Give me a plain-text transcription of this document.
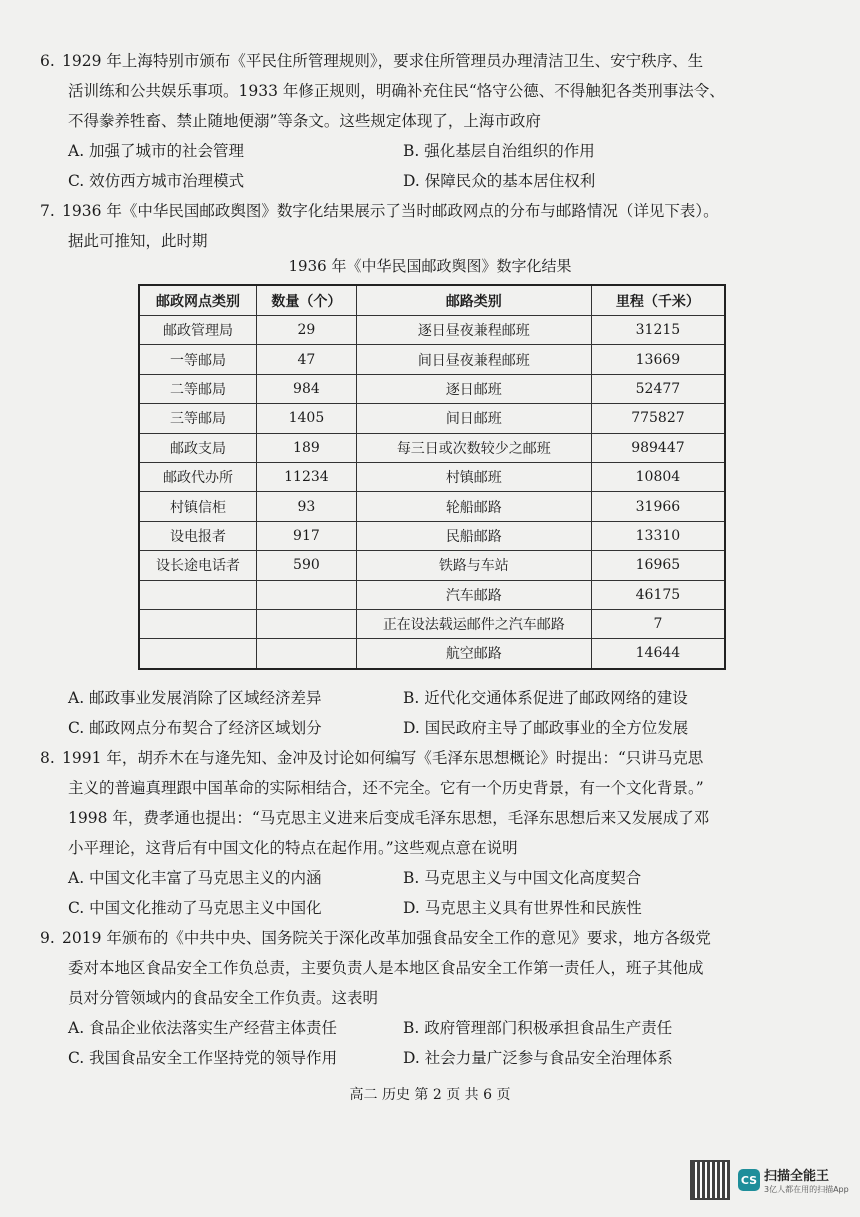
6. 1929 年上海特别市颁布《平民住所管理规则》，要求住所管理员办理清洁卫生、安宁秩序、生
活训练和公共娱乐事项。1933 年修正规则，明确补充住民“恪守公德、不得触犯各类刑事法令、
不得豢养牲畜、禁止随地便溺”等条文。这些规定体现了，上海市政府
A. 加强了城市的社会管理	B. 强化基层自治组织的作用
C. 效仿西方城市治理模式	D. 保障民众的基本居住权利
7. 1936 年《中华民国邮政舆图》数字化结果展示了当时邮政网点的分布与邮路情况（详见下表）。
据此可推知，此时期
1936 年《中华民国邮政舆图》数字化结果
邮政网点类别	数量（个）	邮路类别	里程（千米）
邮政管理局	29	逐日昼夜兼程邮班	31215
一等邮局	47	间日昼夜兼程邮班	13669
二等邮局	984	逐日邮班	52477
三等邮局	1405	间日邮班	775827
邮政支局	189	每三日或次数较少之邮班	989447
邮政代办所	11234	村镇邮班	10804
村镇信柜	93	轮船邮路	31966
设电报者	917	民船邮路	13310
设长途电话者	590	铁路与车站	16965
		汽车邮路	46175
		正在设法载运邮件之汽车邮路	7
		航空邮路	14644
A. 邮政事业发展消除了区域经济差异	B. 近代化交通体系促进了邮政网络的建设
C. 邮政网点分布契合了经济区域划分	D. 国民政府主导了邮政事业的全方位发展
8. 1991 年，胡乔木在与逄先知、金冲及讨论如何编写《毛泽东思想概论》时提出：“只讲马克思
主义的普遍真理跟中国革命的实际相结合，还不完全。它有一个历史背景，有一个文化背景。”
1998 年，费孝通也提出：“马克思主义进来后变成毛泽东思想，毛泽东思想后来又发展成了邓
小平理论，这背后有中国文化的特点在起作用。”这些观点意在说明
A. 中国文化丰富了马克思主义的内涵	B. 马克思主义与中国文化高度契合
C. 中国文化推动了马克思主义中国化	D. 马克思主义具有世界性和民族性
9. 2019 年颁布的《中共中央、国务院关于深化改革加强食品安全工作的意见》要求，地方各级党
委对本地区食品安全工作负总责，主要负责人是本地区食品安全工作第一责任人，班子其他成
员对分管领域内的食品安全工作负责。这表明
A. 食品企业依法落实生产经营主体责任	B. 政府管理部门积极承担食品生产责任
C. 我国食品安全工作坚持党的领导作用	D. 社会力量广泛参与食品安全治理体系
高二 历史 第 2 页 共 6 页
CS 扫描全能王
3亿人都在用的扫描App
